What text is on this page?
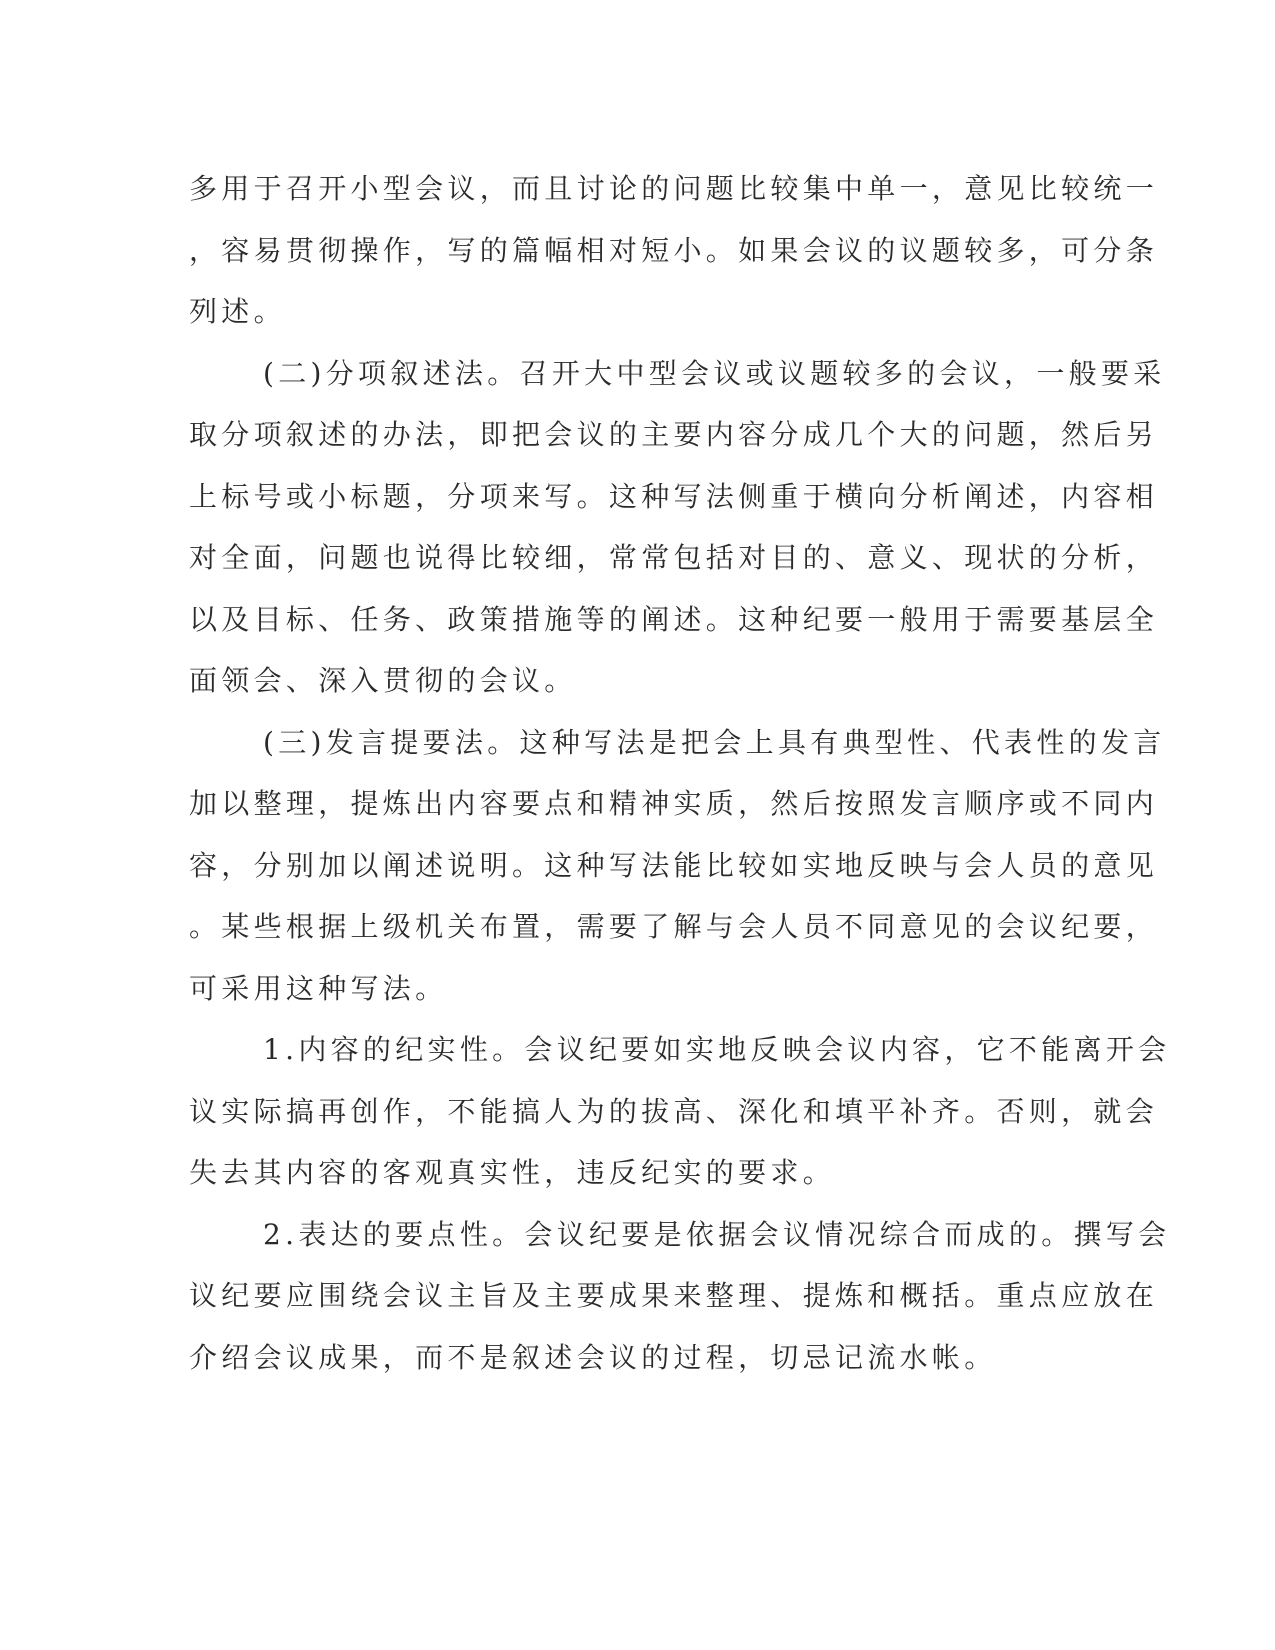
多用于召开小型会议，而且讨论的问题比较集中单一，意见比较统一
，容易贯彻操作，写的篇幅相对短小。如果会议的议题较多，可分条
列述。
(二)分项叙述法。召开大中型会议或议题较多的会议，一般要采
取分项叙述的办法，即把会议的主要内容分成几个大的问题，然后另
上标号或小标题，分项来写。这种写法侧重于横向分析阐述，内容相
对全面，问题也说得比较细，常常包括对目的、意义、现状的分析，
以及目标、任务、政策措施等的阐述。这种纪要一般用于需要基层全
面领会、深入贯彻的会议。
(三)发言提要法。这种写法是把会上具有典型性、代表性的发言
加以整理，提炼出内容要点和精神实质，然后按照发言顺序或不同内
容，分别加以阐述说明。这种写法能比较如实地反映与会人员的意见
。某些根据上级机关布置，需要了解与会人员不同意见的会议纪要，
可采用这种写法。
1.内容的纪实性。会议纪要如实地反映会议内容，它不能离开会
议实际搞再创作，不能搞人为的拔高、深化和填平补齐。否则，就会
失去其内容的客观真实性，违反纪实的要求。
2.表达的要点性。会议纪要是依据会议情况综合而成的。撰写会
议纪要应围绕会议主旨及主要成果来整理、提炼和概括。重点应放在
介绍会议成果，而不是叙述会议的过程，切忌记流水帐。
